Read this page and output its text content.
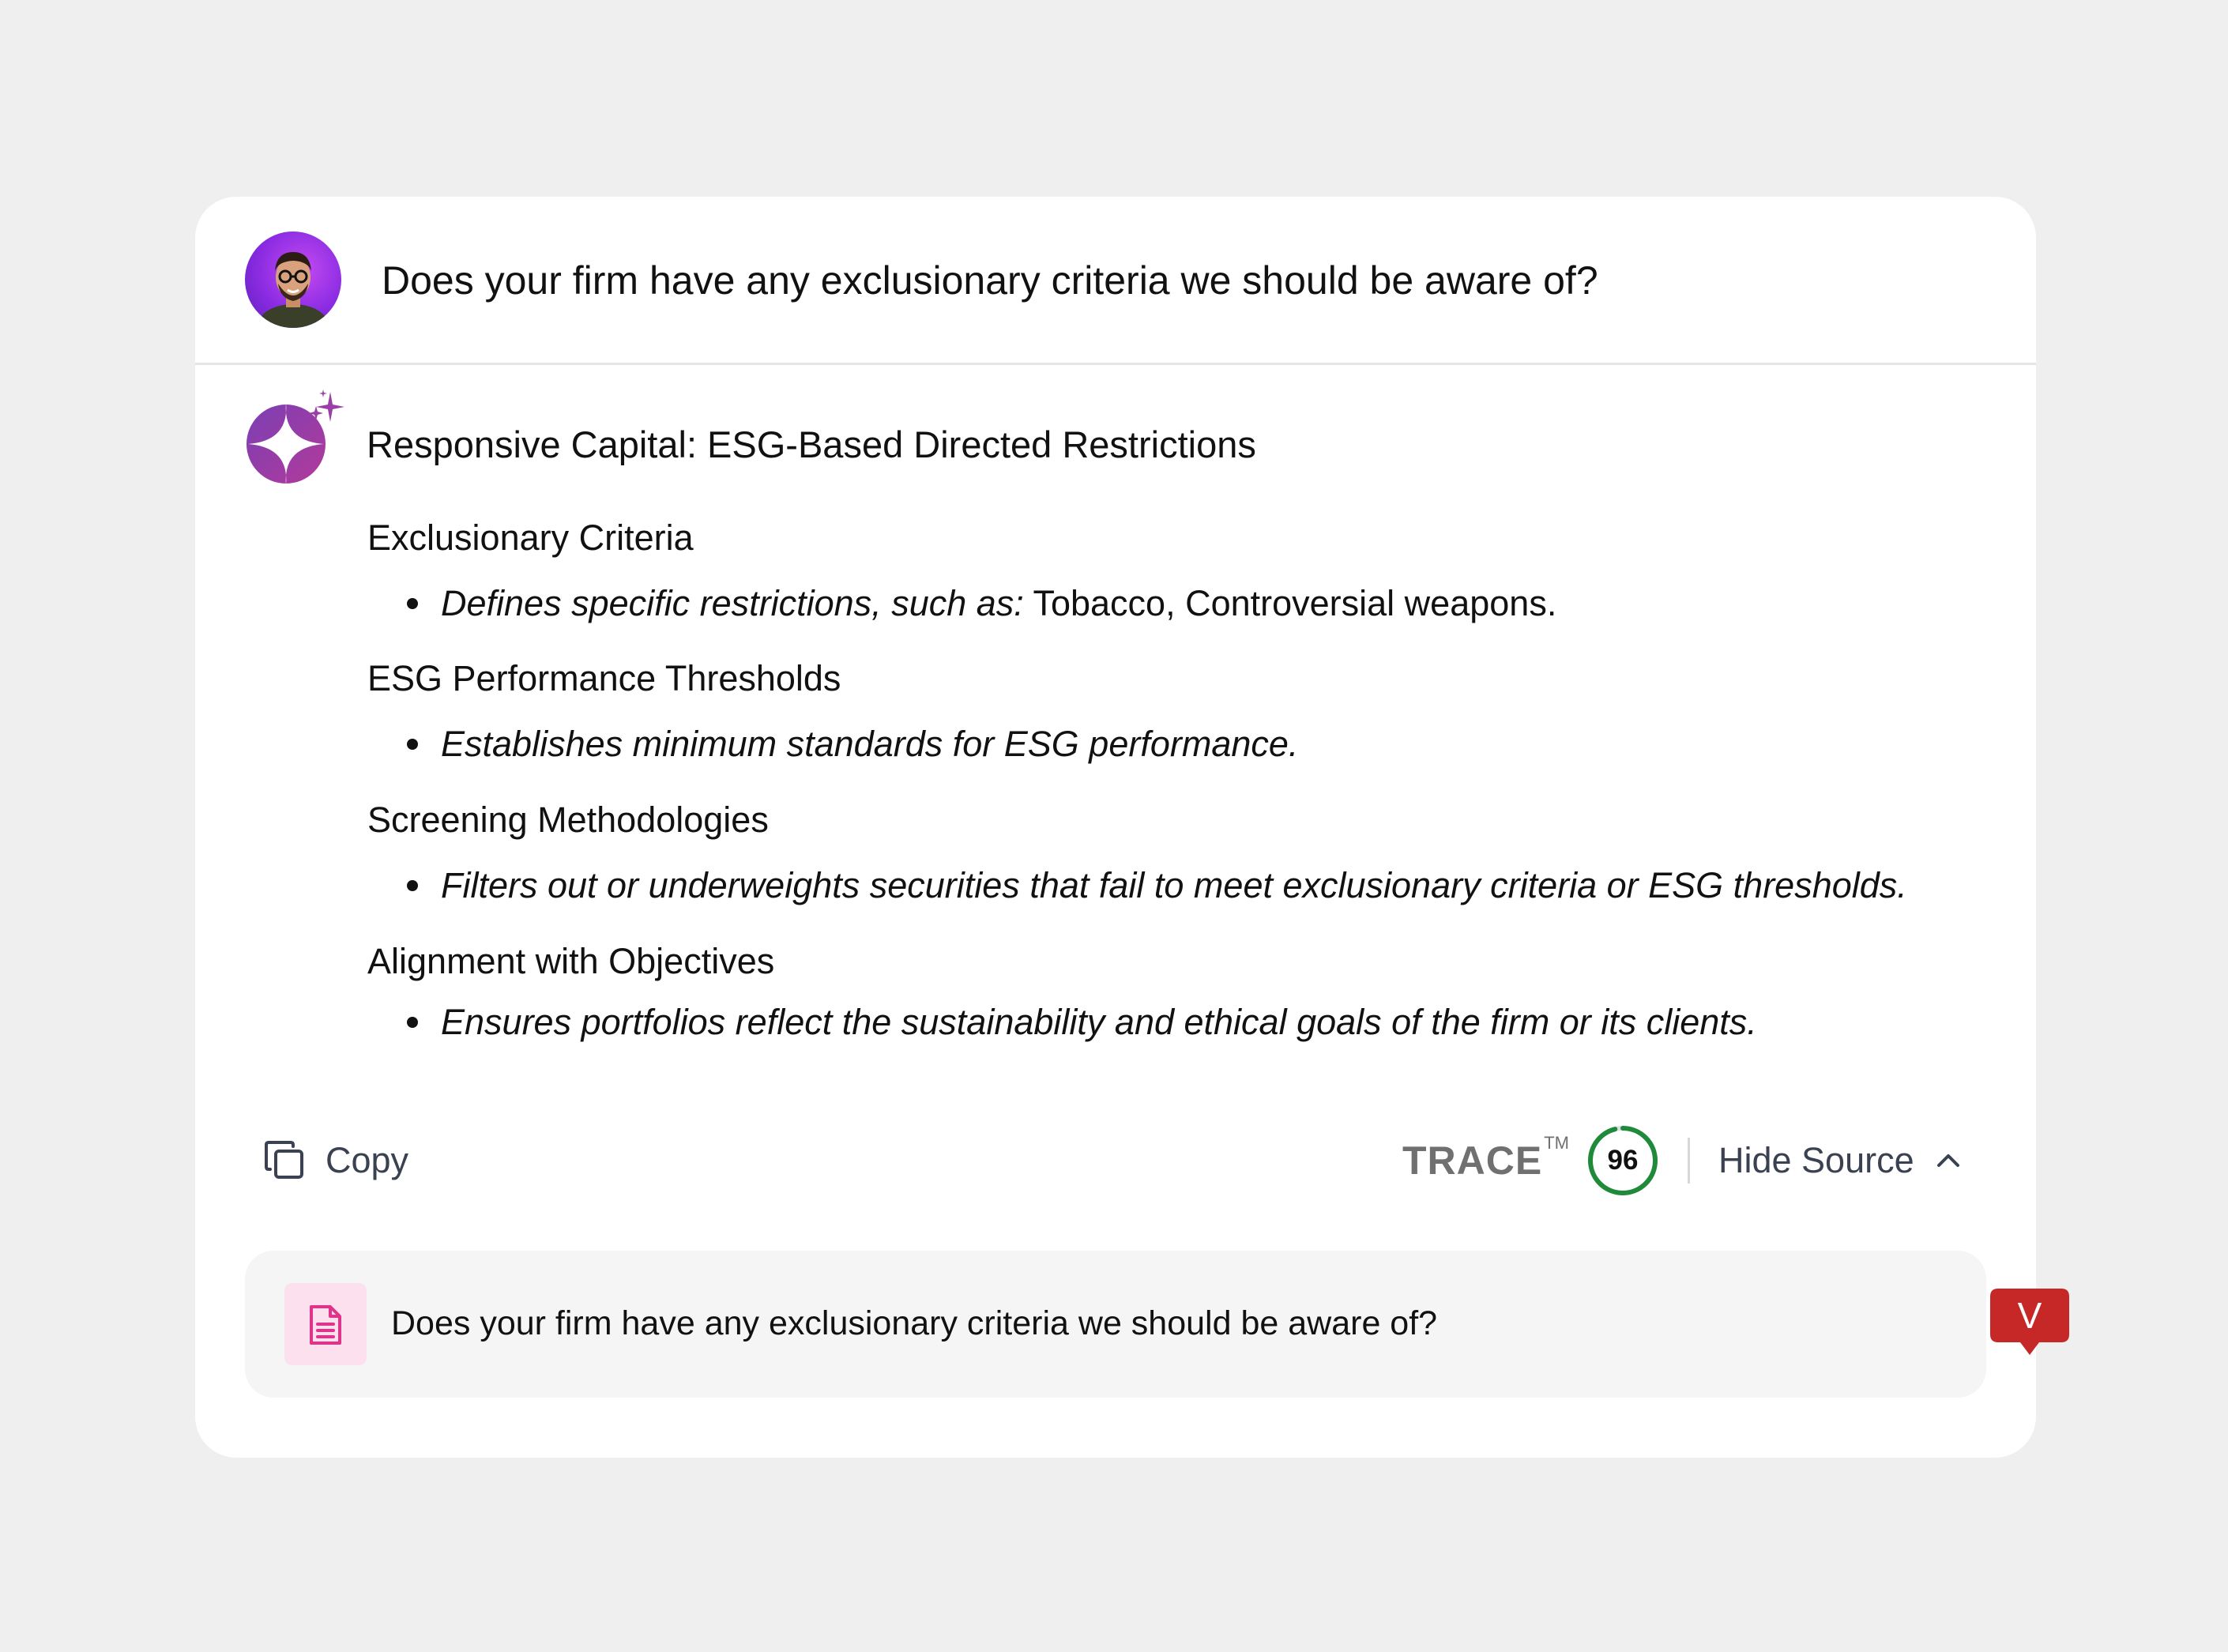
Does your firm have any exclusionary criteria we should be aware of?
Responsive Capital: ESG-Based Directed Restrictions
Exclusionary Criteria
Defines specific restrictions, such as: Tobacco, Controversial weapons.
ESG Performance Thresholds
Establishes minimum standards for ESG performance.
Screening Methodologies
Filters out or underweights securities that fail to meet exclusionary criteria or ESG thresholds.
Alignment with Objectives
Ensures portfolios reflect the sustainability and ethical goals of the firm or its clients.
Copy	TRACE TM
96	Hide Source
Does your firm have any exclusionary criteria we should be aware of?	V
